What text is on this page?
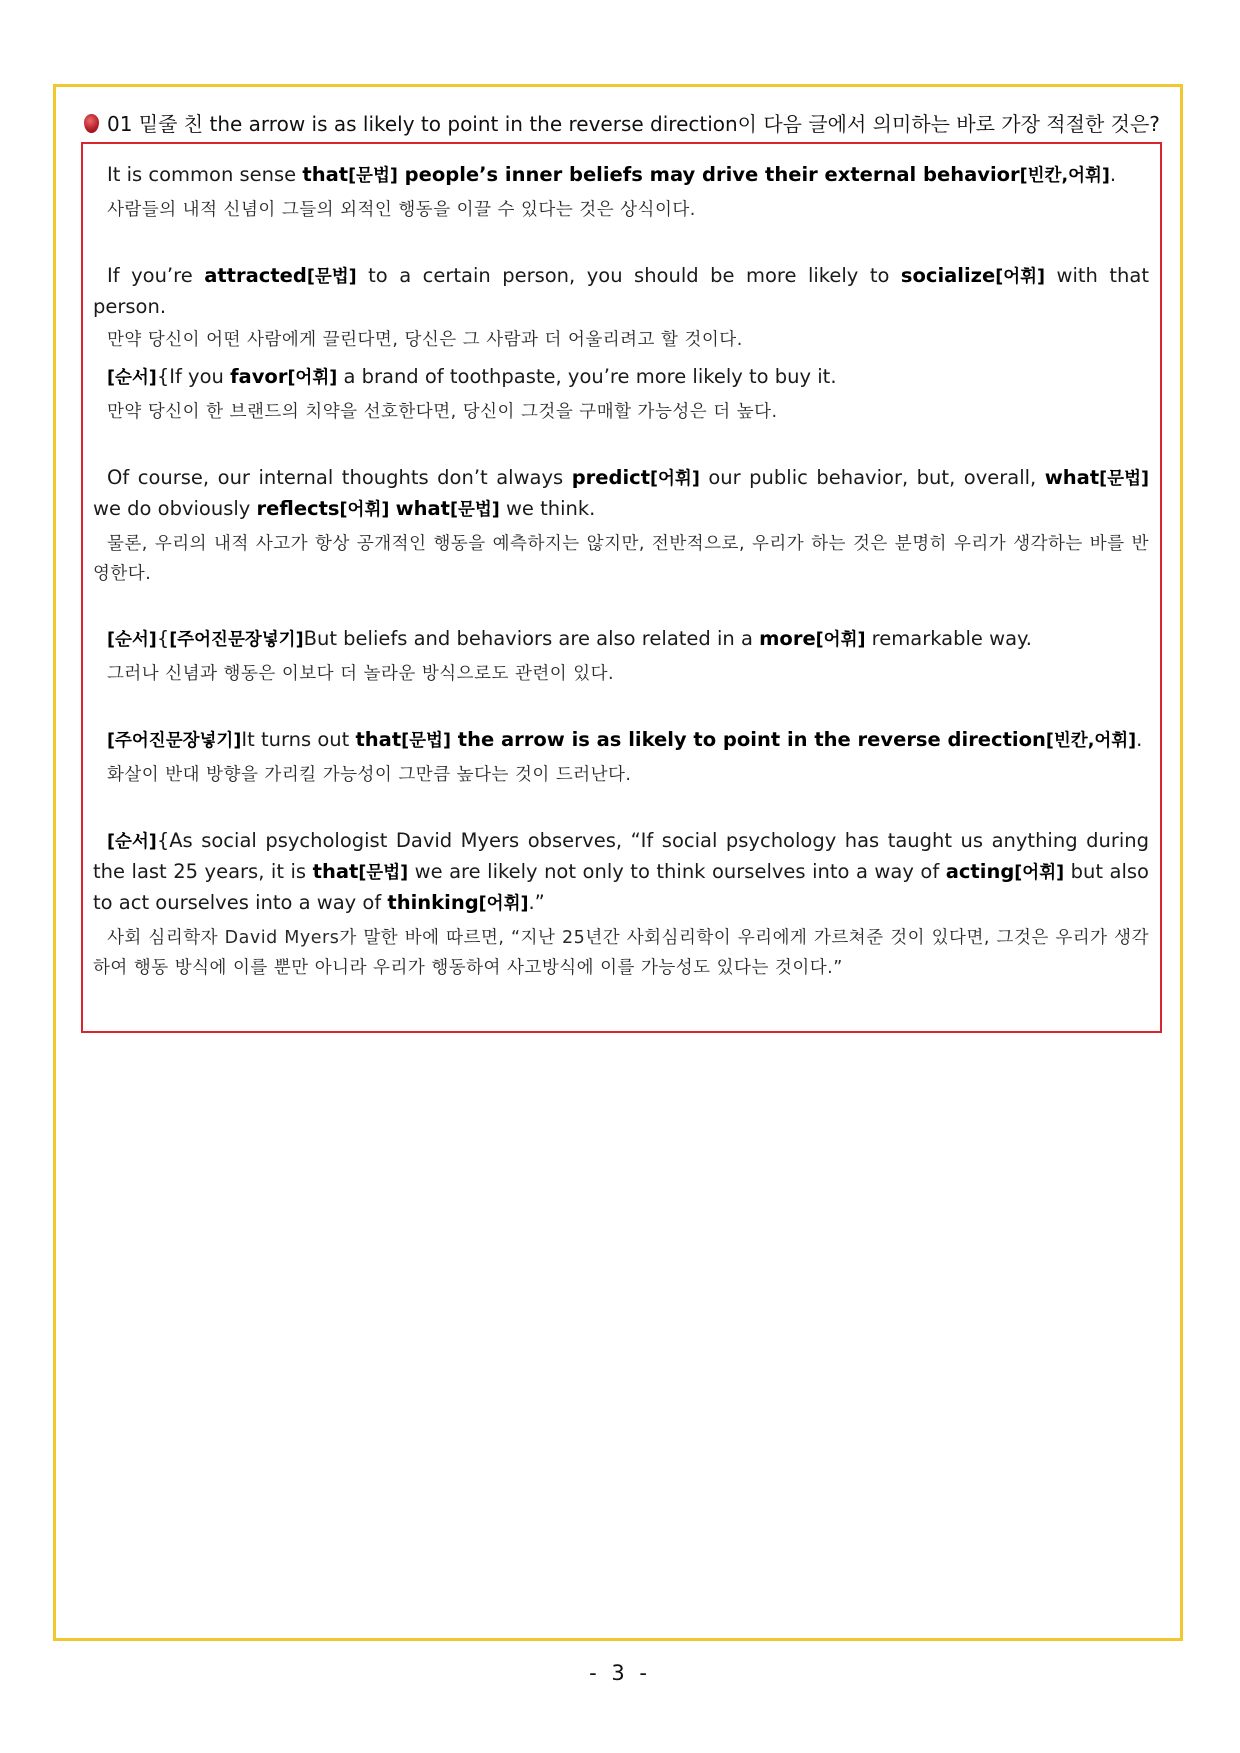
01 밑줄 친 the arrow is as likely to point in the reverse direction이 다음 글에서 의미하는 바로 가장 적절한 것은?
It is common sense that[문법] people’s inner beliefs may drive their external behavior[빈칸,어휘].
사람들의 내적 신념이 그들의 외적인 행동을 이끌 수 있다는 것은 상식이다.
If you’re attracted[문법] to a certain person, you should be more likely to socialize[어휘] with that person.
만약 당신이 어떤 사람에게 끌린다면, 당신은 그 사람과 더 어울리려고 할 것이다.
[순서]{If you favor[어휘] a brand of toothpaste, you’re more likely to buy it.
만약 당신이 한 브랜드의 치약을 선호한다면, 당신이 그것을 구매할 가능성은 더 높다.
Of course, our internal thoughts don’t always predict[어휘] our public behavior, but, overall, what[문법] we do obviously reflects[어휘] what[문법] we think.
물론, 우리의 내적 사고가 항상 공개적인 행동을 예측하지는 않지만, 전반적으로, 우리가 하는 것은 분명히 우리가 생각하는 바를 반영한다.
[순서]{[주어진문장넣기]But beliefs and behaviors are also related in a more[어휘] remarkable way.
그러나 신념과 행동은 이보다 더 놀라운 방식으로도 관련이 있다.
[주어진문장넣기]It turns out that[문법] the arrow is as likely to point in the reverse direction[빈칸,어휘].
화살이 반대 방향을 가리킬 가능성이 그만큼 높다는 것이 드러난다.
[순서]{As social psychologist David Myers observes, “If social psychology has taught us anything during the last 25 years, it is that[문법] we are likely not only to think ourselves into a way of acting[어휘] but also to act ourselves into a way of thinking[어휘].”
사회 심리학자 David Myers가 말한 바에 따르면, “지난 25년간 사회심리학이 우리에게 가르쳐준 것이 있다면, 그것은 우리가 생각하여 행동 방식에 이를 뿐만 아니라 우리가 행동하여 사고방식에 이를 가능성도 있다는 것이다.”
- 3 -
